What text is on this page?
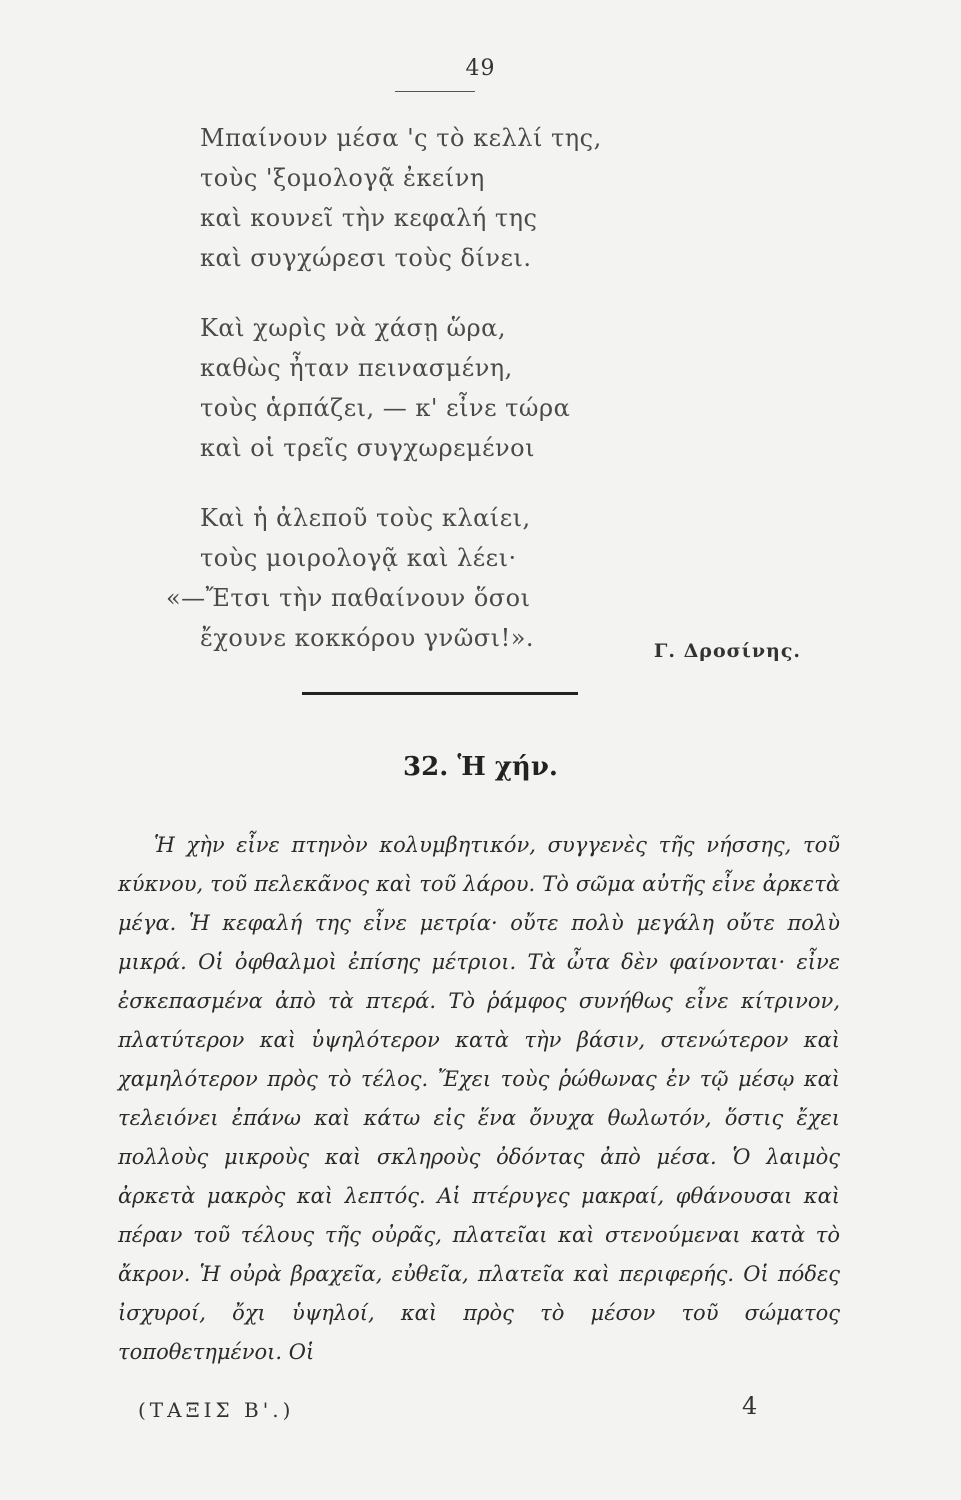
49
Μπαίνουν μέσα 'ς τὸ κελλί της,
τοὺς 'ξομολογᾷ ἐκείνη
καὶ κουνεῖ τὴν κεφαλή της
καὶ συγχώρεσι τοὺς δίνει.
Καὶ χωρὶς νὰ χάσῃ ὥρα,
καθὼς ἦταν πεινασμένη,
τοὺς ἁρπάζει, — κ' εἶνε τώρα
καὶ οἱ τρεῖς συγχωρεμένοι
Καὶ ἡ ἀλεποῦ τοὺς κλαίει,
τοὺς μοιρολογᾷ καὶ λέει·
«—Ἔτσι τὴν παθαίνουν ὅσοι
ἔχουνε κοκκόρου γνῶσι!».	Γ. Δροσίνης.
32. Ἡ χήν.
Ἡ χὴν εἶνε πτηνὸν κολυμβητικόν, συγγενὲς τῆς νήσσης, τοῦ κύκνου, τοῦ πελεκᾶνος καὶ τοῦ λάρου. Τὸ σῶμα αὐτῆς εἶνε ἀρκετὰ μέγα. Ἡ κεφαλή της εἶνε μετρία· οὔτε πολὺ μεγάλη οὔτε πολὺ μικρά. Οἱ ὀφθαλμοὶ ἐπίσης μέτριοι. Τὰ ὦτα δὲν φαίνονται· εἶνε ἐσκεπασμένα ἀπὸ τὰ πτερά. Τὸ ῥάμφος συνήθως εἶνε κίτρινον, πλατύτερον καὶ ὑψηλότερον κατὰ τὴν βάσιν, στενώτερον καὶ χαμηλότερον πρὸς τὸ τέλος. Ἔχει τοὺς ῥώθωνας ἐν τῷ μέσῳ καὶ τελειόνει ἐπάνω καὶ κάτω εἰς ἕνα ὄνυχα θωλωτόν, ὅστις ἔχει πολλοὺς μικροὺς καὶ σκληροὺς ὀδόντας ἀπὸ μέσα. Ὁ λαιμὸς ἀρκετὰ μακρὸς καὶ λεπτός. Αἱ πτέρυγες μακραί, φθάνουσαι καὶ πέραν τοῦ τέλους τῆς οὐρᾶς, πλατεῖαι καὶ στενούμεναι κατὰ τὸ ἄκρον. Ἡ οὐρὰ βραχεῖα, εὐθεῖα, πλατεῖα καὶ περιφερής. Οἱ πόδες ἰσχυροί, ὄχι ὑψηλοί, καὶ πρὸς τὸ μέσον τοῦ σώματος τοποθετημένοι. Οἱ
(ΤΑΞΙΣ Β'.)	4
